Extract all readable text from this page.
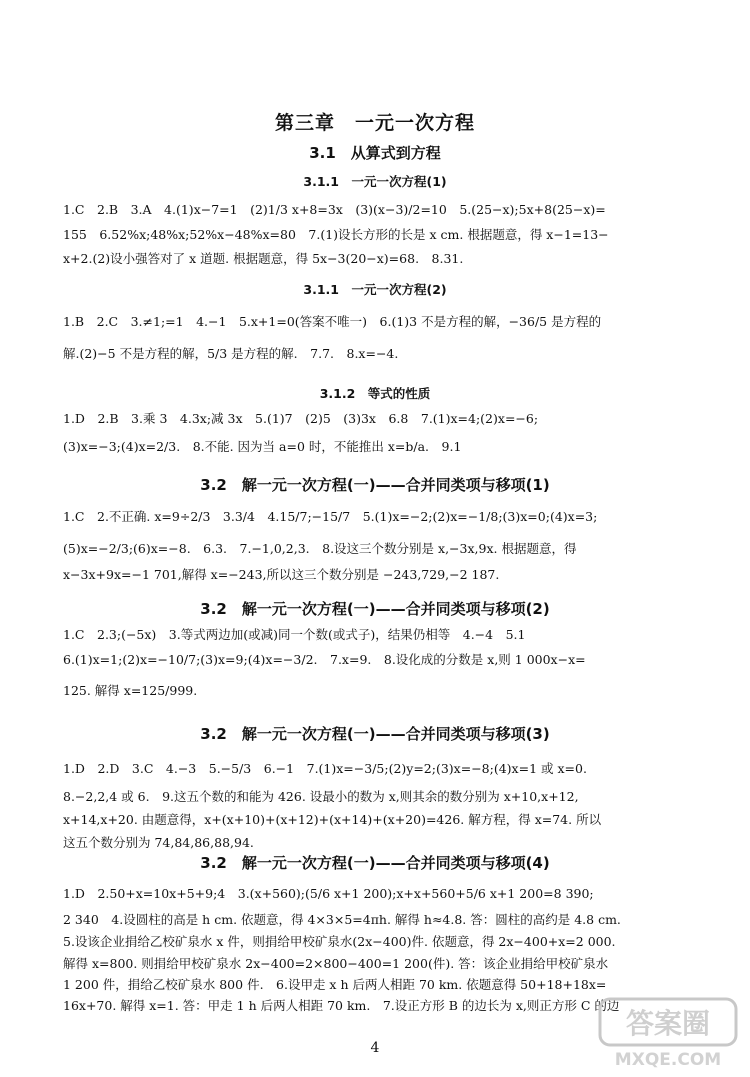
第三章　一元一次方程
3.1　从算式到方程
3.1.1　一元一次方程(1)
1.C　2.B　3.A　4.(1)x−7=1　(2)1/3 x+8=3x　(3)(x−3)/2=10　5.(25−x);5x+8(25−x)=
155　6.52%x;48%x;52%x−48%x=80　7.(1)设长方形的长是 x cm. 根据题意，得 x−1=13−
x+2.(2)设小强答对了 x 道题. 根据题意，得 5x−3(20−x)=68.　8.31.
3.1.1　一元一次方程(2)
1.B　2.C　3.≠1;=1　4.−1　5.x+1=0(答案不唯一)　6.(1)3 不是方程的解，−36/5 是方程的
解.(2)−5 不是方程的解，5/3 是方程的解.　7.7.　8.x=−4.
3.1.2　等式的性质
1.D　2.B　3.乘 3　4.3x;减 3x　5.(1)7　(2)5　(3)3x　6.8　7.(1)x=4;(2)x=−6;
(3)x=−3;(4)x=2/3.　8.不能. 因为当 a=0 时，不能推出 x=b/a.　9.1
3.2　解一元一次方程(一)——合并同类项与移项(1)
1.C　2.不正确. x=9÷2/3　3.3/4　4.15/7;−15/7　5.(1)x=−2;(2)x=−1/8;(3)x=0;(4)x=3;
(5)x=−2/3;(6)x=−8.　6.3.　7.−1,0,2,3.　8.设这三个数分别是 x,−3x,9x. 根据题意，得
x−3x+9x=−1 701,解得 x=−243,所以这三个数分别是 −243,729,−2 187.
3.2　解一元一次方程(一)——合并同类项与移项(2)
1.C　2.3;(−5x)　3.等式两边加(或减)同一个数(或式子)，结果仍相等　4.−4　5.1
6.(1)x=1;(2)x=−10/7;(3)x=9;(4)x=−3/2.　7.x=9.　8.设化成的分数是 x,则 1 000x−x=
125. 解得 x=125/999.
3.2　解一元一次方程(一)——合并同类项与移项(3)
1.D　2.D　3.C　4.−3　5.−5/3　6.−1　7.(1)x=−3/5;(2)y=2;(3)x=−8;(4)x=1 或 x=0.
8.−2,2,4 或 6.　9.这五个数的和能为 426. 设最小的数为 x,则其余的数分别为 x+10,x+12,
x+14,x+20. 由题意得，x+(x+10)+(x+12)+(x+14)+(x+20)=426. 解方程，得 x=74. 所以
这五个数分别为 74,84,86,88,94.
3.2　解一元一次方程(一)——合并同类项与移项(4)
1.D　2.50+x=10x+5+9;4　3.(x+560);(5/6 x+1 200);x+x+560+5/6 x+1 200=8 390;
2 340　4.设圆柱的高是 h cm. 依题意，得 4×3×5=4πh. 解得 h≈4.8. 答：圆柱的高约是 4.8 cm.
5.设该企业捐给乙校矿泉水 x 件，则捐给甲校矿泉水(2x−400)件. 依题意，得 2x−400+x=2 000.
解得 x=800. 则捐给甲校矿泉水 2x−400=2×800−400=1 200(件). 答：该企业捐给甲校矿泉水
1 200 件，捐给乙校矿泉水 800 件.　6.设甲走 x h 后两人相距 70 km. 依题意得 50+18+18x=
16x+70. 解得 x=1. 答：甲走 1 h 后两人相距 70 km.　7.设正方形 B 的边长为 x,则正方形 C 的边
4
答案圈
MXQE.COM
